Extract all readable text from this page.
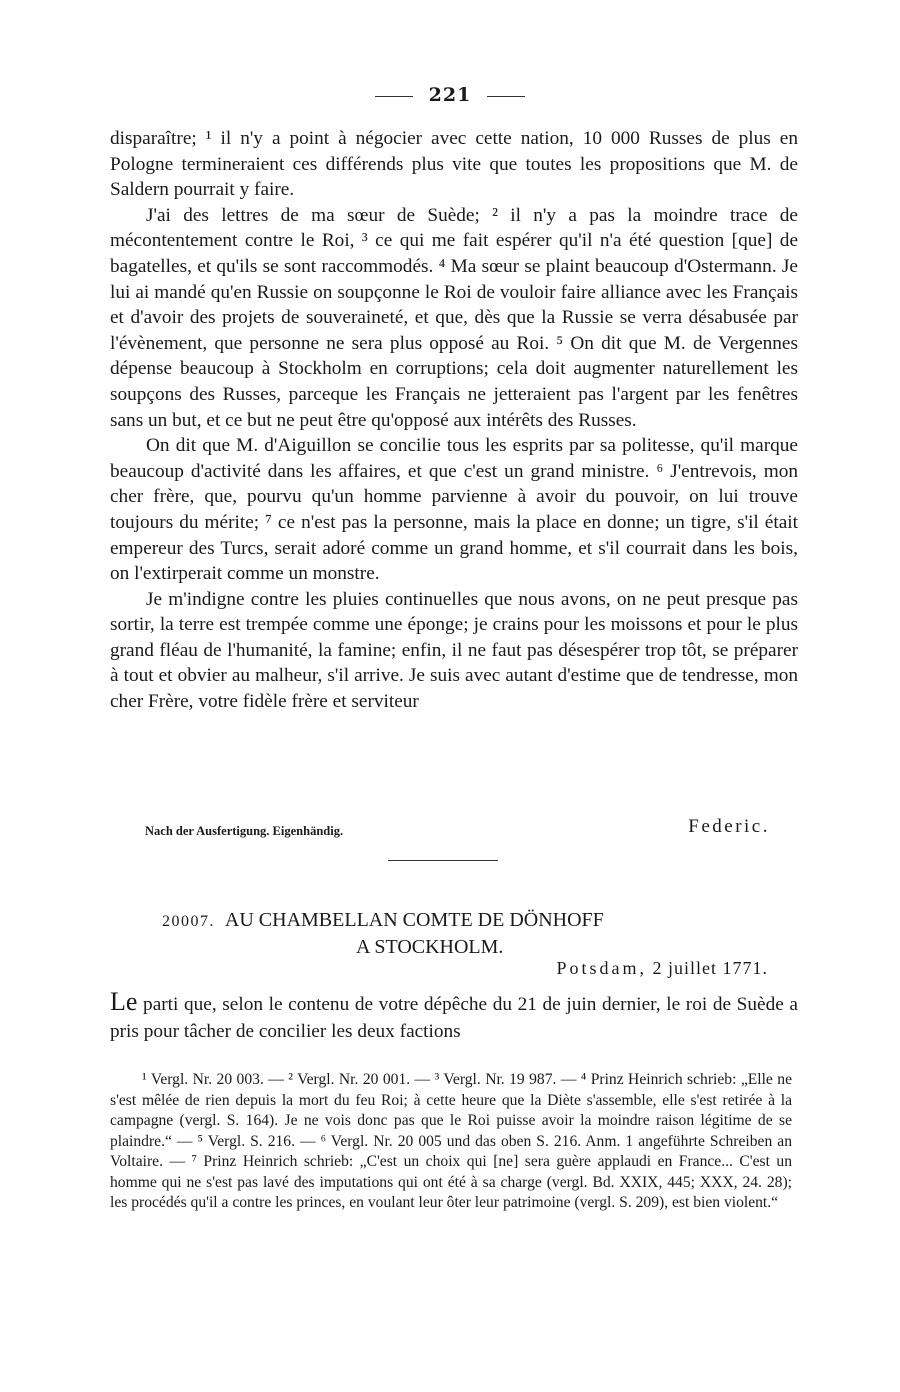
221

disparaître; ¹ il n'y a point à négocier avec cette nation, 10 000 Russes de plus en Pologne termineraient ces différends plus vite que toutes les propositions que M. de Saldern pourrait y faire.

J'ai des lettres de ma sœur de Suède; ² il n'y a pas la moindre trace de mécontentement contre le Roi, ³ ce qui me fait espérer qu'il n'a été question [que] de bagatelles, et qu'ils se sont raccommodés. ⁴ Ma sœur se plaint beaucoup d'Ostermann. Je lui ai mandé qu'en Russie on soupçonne le Roi de vouloir faire alliance avec les Français et d'avoir des projets de souveraineté, et que, dès que la Russie se verra désabusée par l'évènement, que personne ne sera plus opposé au Roi. ⁵ On dit que M. de Vergennes dépense beaucoup à Stockholm en corruptions; cela doit augmenter naturellement les soupçons des Russes, parceque les Français ne jetteraient pas l'argent par les fenêtres sans un but, et ce but ne peut être qu'opposé aux intérêts des Russes.

On dit que M. d'Aiguillon se concilie tous les esprits par sa politesse, qu'il marque beaucoup d'activité dans les affaires, et que c'est un grand ministre. ⁶ J'entrevois, mon cher frère, que, pourvu qu'un homme parvienne à avoir du pouvoir, on lui trouve toujours du mérite; ⁷ ce n'est pas la personne, mais la place en donne; un tigre, s'il était empereur des Turcs, serait adoré comme un grand homme, et s'il courrait dans les bois, on l'extirperait comme un monstre.

Je m'indigne contre les pluies continuelles que nous avons, on ne peut presque pas sortir, la terre est trempée comme une éponge; je crains pour les moissons et pour le plus grand fléau de l'humanité, la famine; enfin, il ne faut pas désespérer trop tôt, se préparer à tout et obvier au malheur, s'il arrive. Je suis avec autant d'estime que de tendresse, mon cher Frère, votre fidèle frère et serviteur

Nach der Ausfertigung. Eigenhändig.	Federic.
20007. AU CHAMBELLAN COMTE DE DÖNHOFF
A STOCKHOLM.
Potsdam, 2 juillet 1771.
Le parti que, selon le contenu de votre dépêche du 21 de juin dernier, le roi de Suède a pris pour tâcher de concilier les deux factions

¹ Vergl. Nr. 20 003. — ² Vergl. Nr. 20 001. — ³ Vergl. Nr. 19 987. — ⁴ Prinz Heinrich schrieb: „Elle ne s'est mêlée de rien depuis la mort du feu Roi; à cette heure que la Diète s'assemble, elle s'est retirée à la campagne (vergl. S. 164). Je ne vois donc pas que le Roi puisse avoir la moindre raison légitime de se plaindre.“ — ⁵ Vergl. S. 216. — ⁶ Vergl. Nr. 20 005 und das oben S. 216. Anm. 1 angeführte Schreiben an Voltaire. — ⁷ Prinz Heinrich schrieb: „C'est un choix qui [ne] sera guère applaudi en France... C'est un homme qui ne s'est pas lavé des imputations qui ont été à sa charge (vergl. Bd. XXIX, 445; XXX, 24. 28); les procédés qu'il a contre les princes, en voulant leur ôter leur patrimoine (vergl. S. 209), est bien violent.“
